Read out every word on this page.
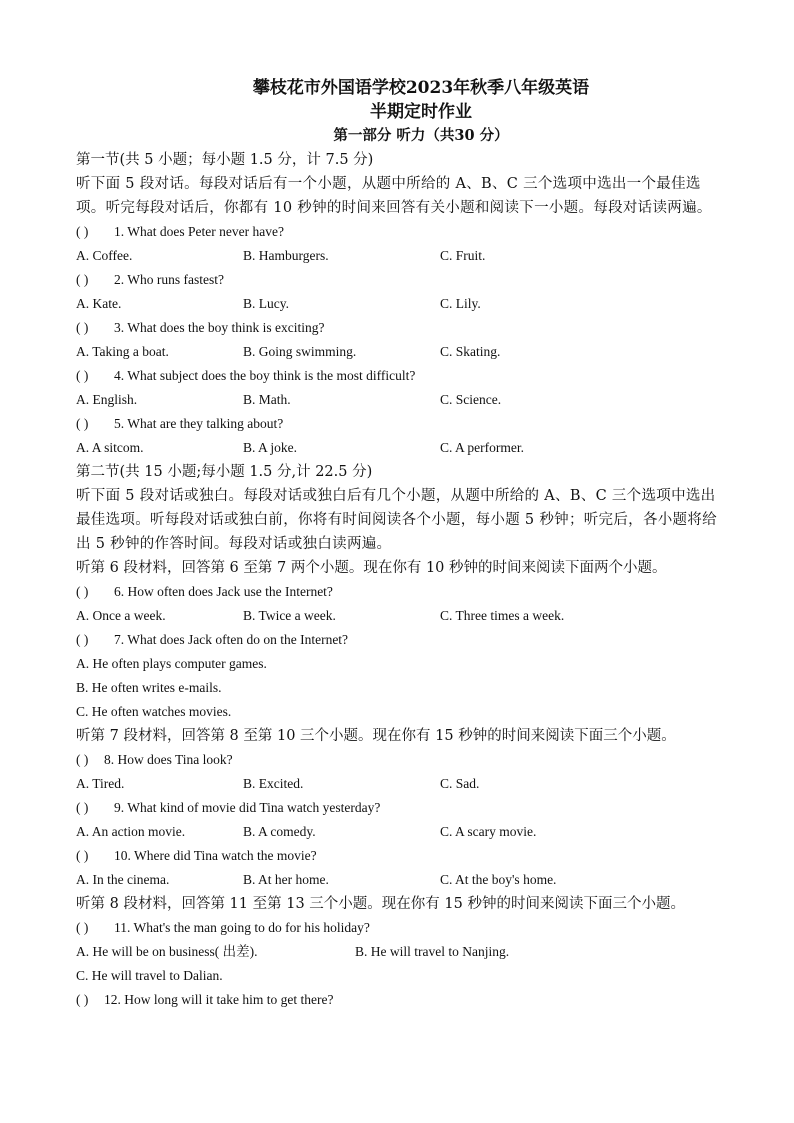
攀枝花市外国语学校2023年秋季八年级英语
半期定时作业
第一部分 听力（共30 分）
第一节(共 5 小题；每小题 1.5 分，计 7.5 分)
听下面 5 段对话。每段对话后有一个小题，从题中所给的 A、B、C 三个选项中选出一个最佳选项。听完每段对话后，你都有 10 秒钟的时间来回答有关小题和阅读下一小题。每段对话读两遍。
( ) 1. What does Peter never have?
A. Coffee.	B. Hamburgers.	C. Fruit.
( ) 2. Who runs fastest?
A. Kate.	B. Lucy.	C. Lily.
( ) 3. What does the boy think is exciting?
A. Taking a boat.	B. Going swimming.	C. Skating.
( ) 4. What subject does the boy think is the most difficult?
A. English.	B. Math.	C. Science.
( ) 5. What are they talking about?
A. A sitcom.	B. A joke.	C. A performer.
第二节(共 15 小题;每小题 1.5 分,计 22.5 分)
听下面 5 段对话或独白。每段对话或独白后有几个小题，从题中所给的 A、B、C 三个选项中选出最佳选项。听每段对话或独白前，你将有时间阅读各个小题，每小题 5 秒钟；听完后，各小题将给出 5 秒钟的作答时间。每段对话或独白读两遍。
听第 6 段材料，回答第 6 至第 7 两个小题。现在你有 10 秒钟的时间来阅读下面两个小题。
( ) 6. How often does Jack use the Internet?
A. Once a week.	B. Twice a week.	C. Three times a week.
( ) 7. What does Jack often do on the Internet?
A. He often plays computer games.
B. He often writes e-mails.
C. He often watches movies.
听第 7 段材料，回答第 8 至第 10 三个小题。现在你有 15 秒钟的时间来阅读下面三个小题。
( ) 8. How does Tina look?
A. Tired.	B. Excited.	C. Sad.
( ) 9. What kind of movie did Tina watch yesterday?
A. An action movie.	B. A comedy.	C. A scary movie.
( ) 10. Where did Tina watch the movie?
A. In the cinema.	B. At her home.	C. At the boy's home.
听第 8 段材料，回答第 11 至第 13 三个小题。现在你有 15 秒钟的时间来阅读下面三个小题。
( ) 11. What's the man going to do for his holiday?
A. He will be on business( 出差).	B. He will travel to Nanjing.
C. He will travel to Dalian.
( ) 12. How long will it take him to get there?
